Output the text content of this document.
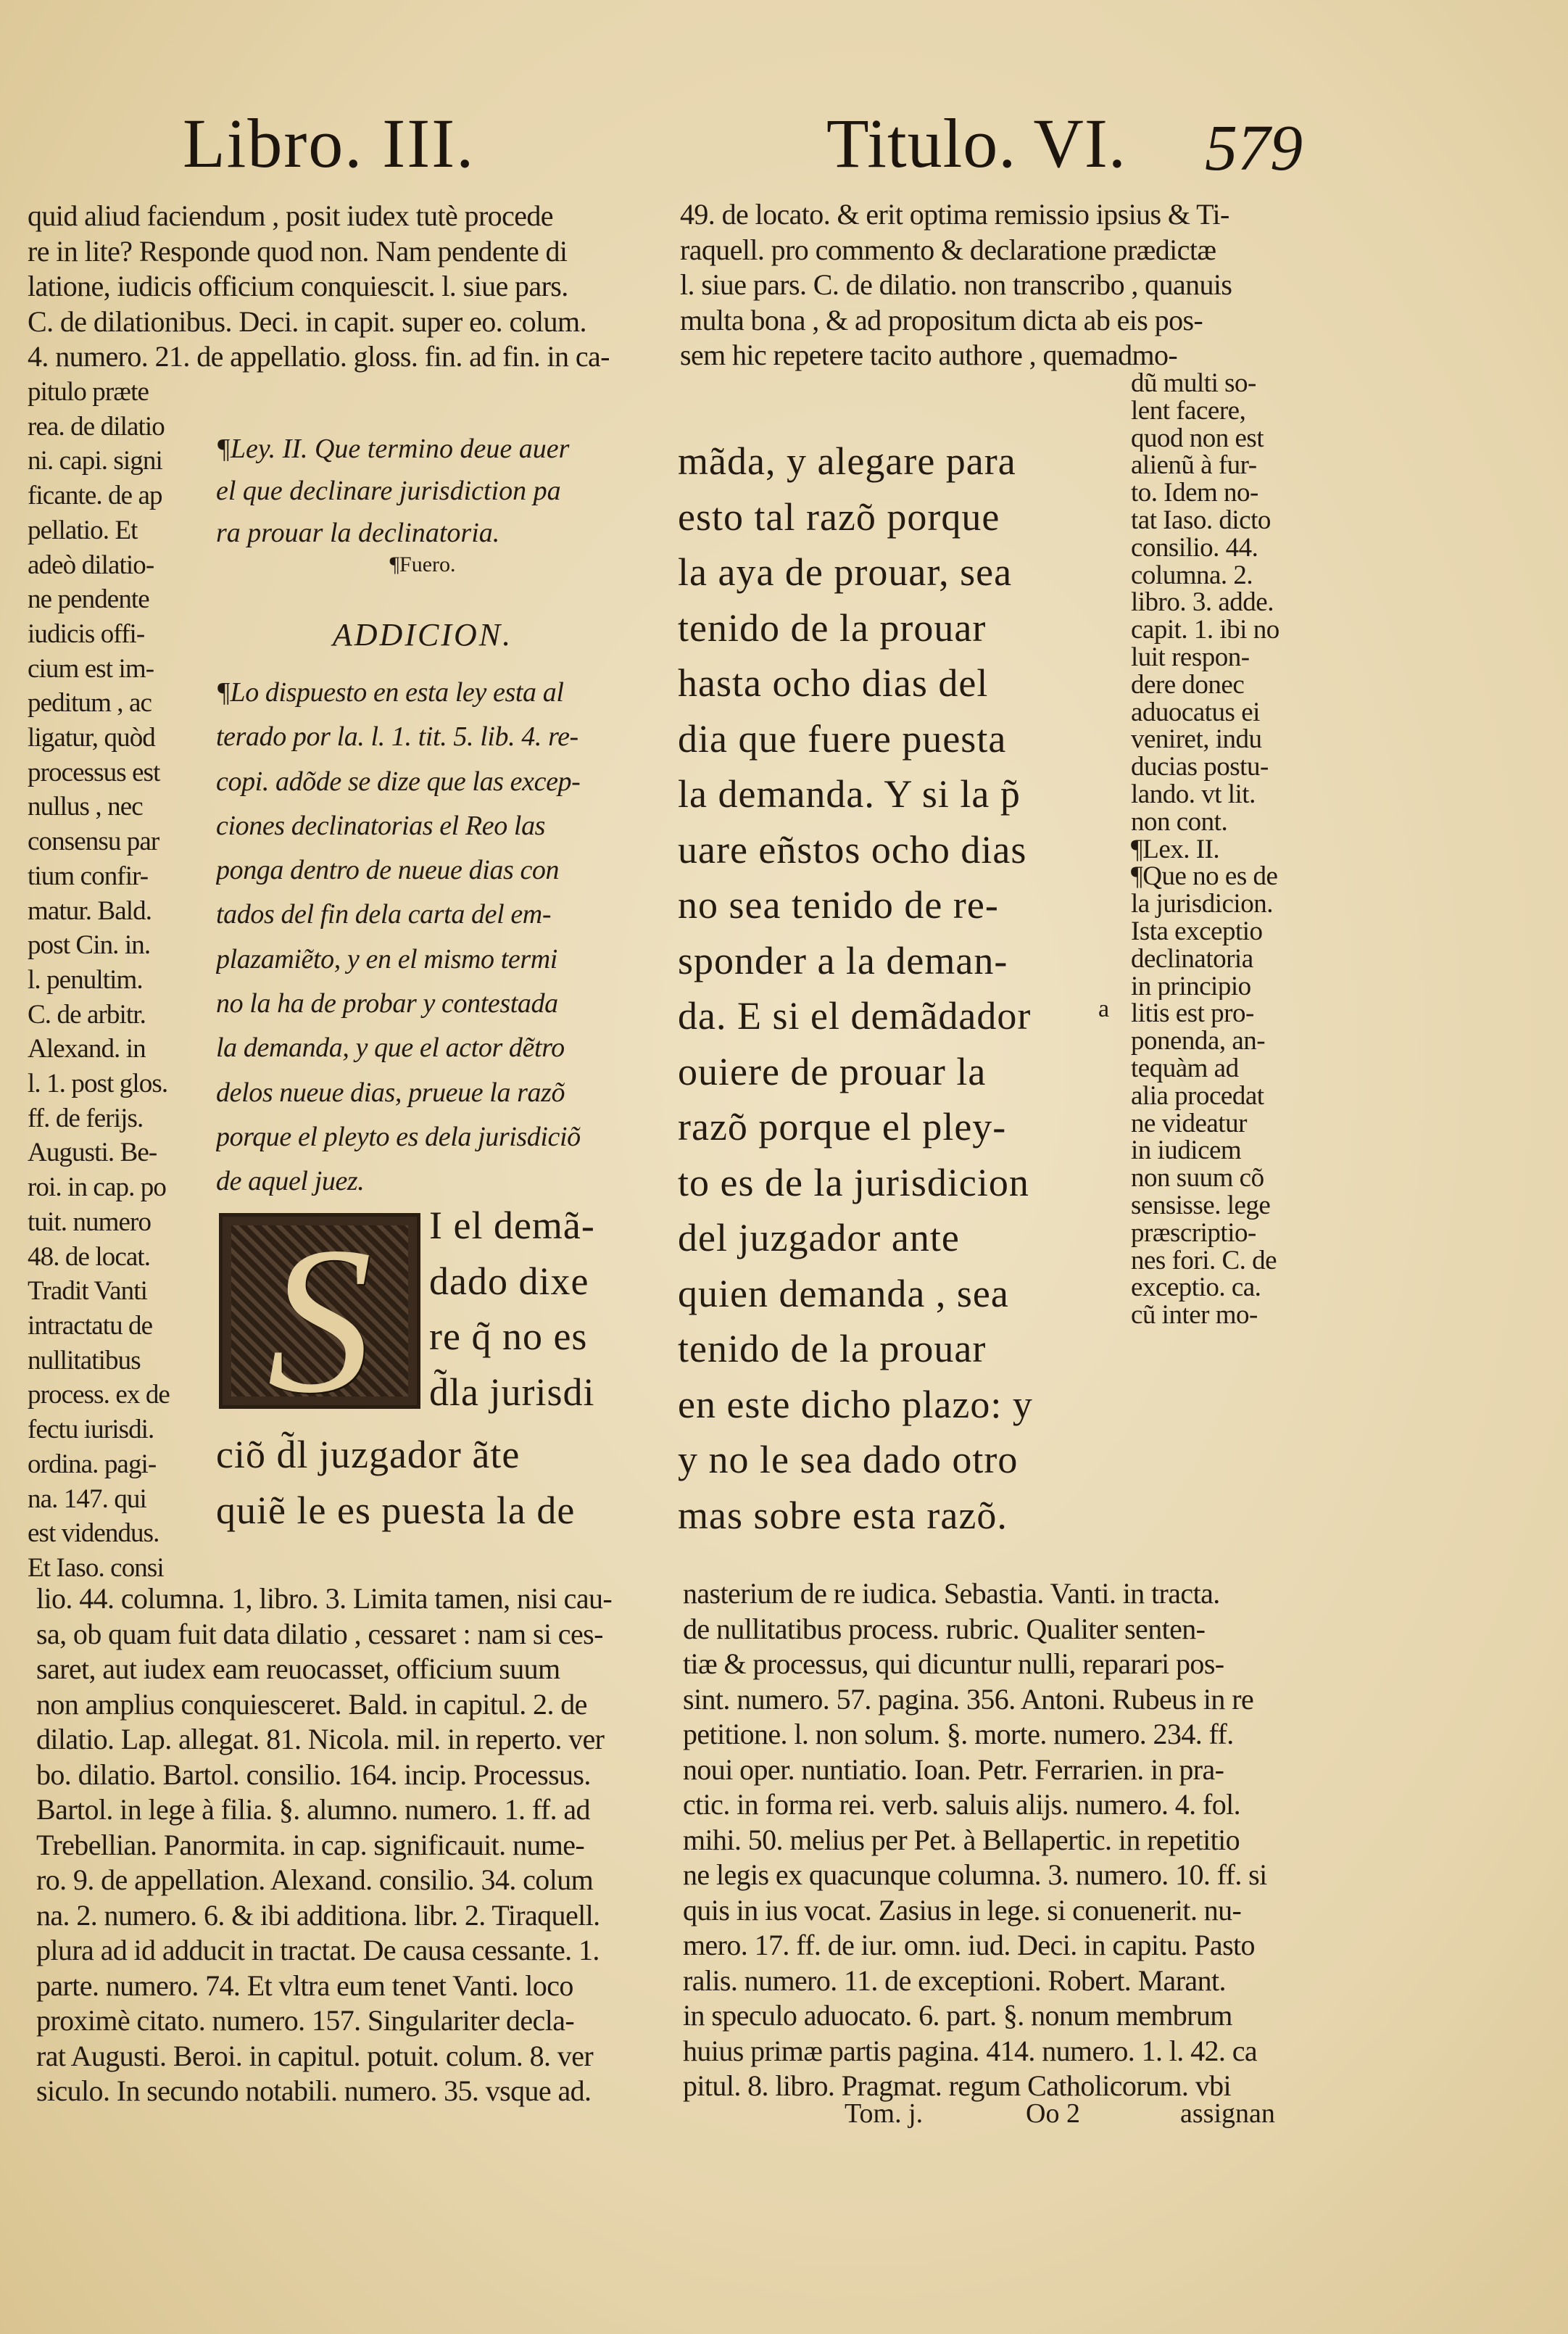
Libro. III.	Titulo. VI. 579
quid aliud faciendum , posit iudex tutè procede
re in lite? Responde quod non. Nam pendente di
latione, iudicis officium conquiescit. l. siue pars.
C. de dilationibus. Deci. in capit. super eo. colum.
4. numero. 21. de appellatio. gloss. fin. ad fin. in ca-
pitulo præte
rea. de dilatio
ni. capi. signi
ficante. de ap
pellatio. Et
adeò dilatio-
ne pendente
iudicis offi-
cium est im-
peditum , ac
ligatur, quòd
processus est
nullus , nec
consensu par
tium confir-
matur. Bald.
post Cin. in.
l. penultim.
C. de arbitr.
Alexand. in
l. 1. post glos.
ff. de ferijs.
Augusti. Be-
roi. in cap. po
tuit. numero
48. de locat.
Tradit Vanti
intractatu de
nullitatibus
process. ex de
fectu iurisdi.
ordina. pagi-
na. 147. qui
est videndus.
Et Iaso. consi
¶Ley. II. Que termino deue auer
el que declinare jurisdiction pa
ra prouar la declinatoria.
¶Fuero.
ADDICION.
¶Lo dispuesto en esta ley esta al
terado por la. l. 1. tit. 5. lib. 4. re-
copi. adõde se dize que las excep-
ciones declinatorias el Reo las
ponga dentro de nueue dias con
tados del fin dela carta del em-
plazamiẽto, y en el mismo termi
no la ha de probar y contestada
la demanda, y que el actor dẽtro
delos nueue dias, prueue la razõ
porque el pleyto es dela jurisdiciõ
de aquel juez.
S	I el demã-
dado dixe
re q̃ no es
d̃la jurisdi
ciõ d̃l juzgador ãte
quiẽ le es puesta la de
49. de locato. & erit optima remissio ipsius & Ti-
raquell. pro commento & declaratione prædictæ
l. siue pars. C. de dilatio. non transcribo , quanuis
multa bona , & ad propositum dicta ab eis pos-
sem hic repetere tacito authore , quemadmo-
mãda, y alegare para
esto tal razõ porque
la aya de prouar, sea
tenido de la prouar
hasta ocho dias del
dia que fuere puesta
la demanda. Y si la p̃
uare eñstos ocho dias
no sea tenido de re-
sponder a la deman-
da. E si el demãdador
ouiere de prouar la
razõ porque el pley-
to es de la jurisdicion
del juzgador ante
quien demanda , sea
tenido de la prouar
en este dicho plazo: y
y no le sea dado otro
mas sobre esta razõ.
dũ multi so-
lent facere,
quod non est
alienũ à fur-
to. Idem no-
tat Iaso. dicto
consilio. 44.
columna. 2.
libro. 3. adde.
capit. 1. ibi no
luit respon-
dere donec
aduocatus ei
veniret, indu
ducias postu-
lando. vt lit.
non cont.
¶Lex. II.
¶Que no es de
la jurisdicion.
Ista exceptio
declinatoria
in principio
litis est pro-
ponenda, an-
tequàm ad
alia procedat
ne videatur
in iudicem
non suum cõ
sensisse. lege
præscriptio-
nes fori. C. de
exceptio. ca.
cũ inter mo-
a
lio. 44. columna. 1, libro. 3. Limita tamen, nisi cau-
sa, ob quam fuit data dilatio , cessaret : nam si ces-
saret, aut iudex eam reuocasset, officium suum
non amplius conquiesceret. Bald. in capitul. 2. de
dilatio. Lap. allegat. 81. Nicola. mil. in reperto. ver
bo. dilatio. Bartol. consilio. 164. incip. Processus.
Bartol. in lege à filia. §. alumno. numero. 1. ff. ad
Trebellian. Panormita. in cap. significauit. nume-
ro. 9. de appellation. Alexand. consilio. 34. colum
na. 2. numero. 6. & ibi additiona. libr. 2. Tiraquell.
plura ad id adducit in tractat. De causa cessante. 1.
parte. numero. 74. Et vltra eum tenet Vanti. loco
proximè citato. numero. 157. Singulariter decla-
rat Augusti. Beroi. in capitul. potuit. colum. 8. ver
siculo. In secundo notabili. numero. 35. vsque ad.
nasterium de re iudica. Sebastia. Vanti. in tracta.
de nullitatibus process. rubric. Qualiter senten-
tiæ & processus, qui dicuntur nulli, reparari pos-
sint. numero. 57. pagina. 356. Antoni. Rubeus in re
petitione. l. non solum. §. morte. numero. 234. ff.
noui oper. nuntiatio. Ioan. Petr. Ferrarien. in pra-
ctic. in forma rei. verb. saluis alijs. numero. 4. fol.
mihi. 50. melius per Pet. à Bellapertic. in repetitio
ne legis ex quacunque columna. 3. numero. 10. ff. si
quis in ius vocat. Zasius in lege. si conuenerit. nu-
mero. 17. ff. de iur. omn. iud. Deci. in capitu. Pasto
ralis. numero. 11. de exceptioni. Robert. Marant.
in speculo aduocato. 6. part. §. nonum membrum
huius primæ partis pagina. 414. numero. 1. l. 42. ca
pitul. 8. libro. Pragmat. regum Catholicorum. vbi
Tom. j.	Oo 2	assignan
